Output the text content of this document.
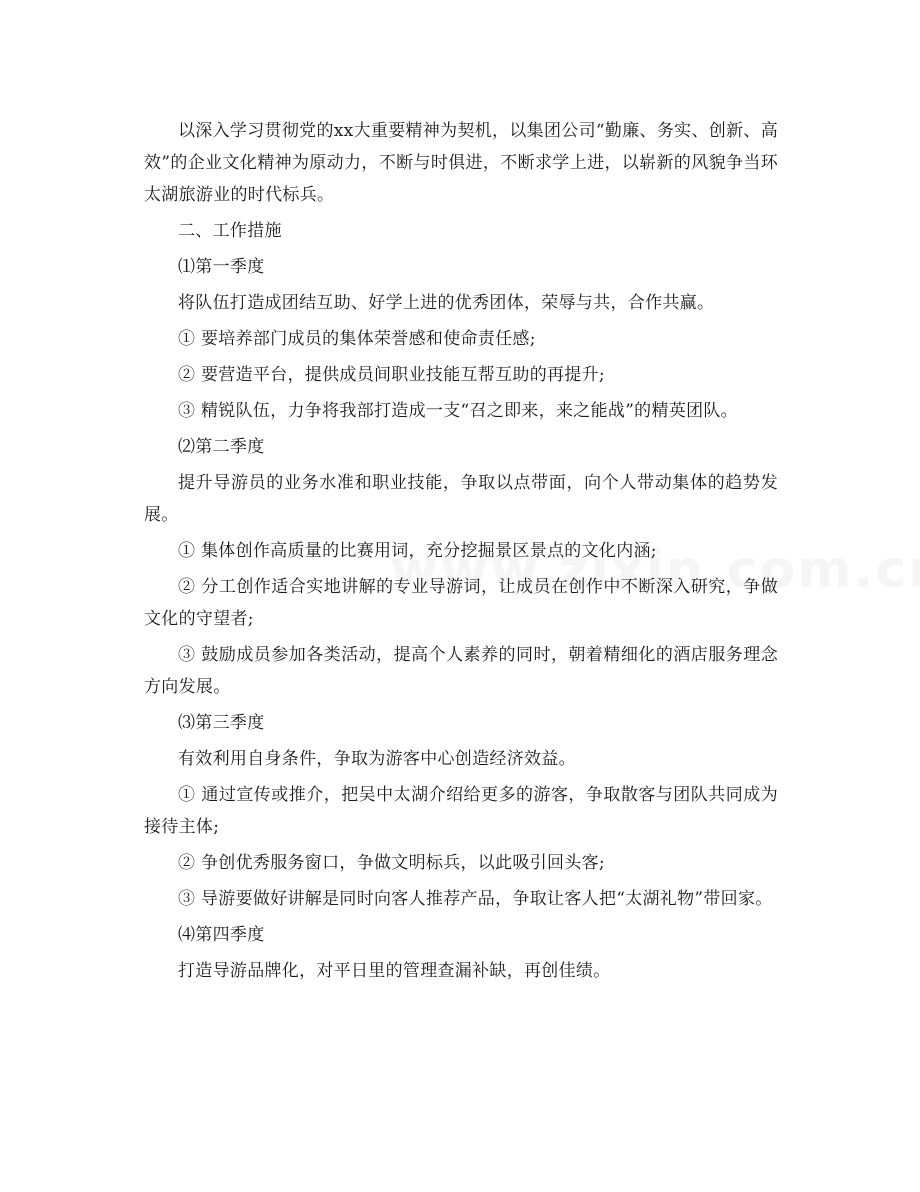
以深入学习贯彻党的xx大重要精神为契机，以集团公司“勤廉、务实、创新、高效”的企业文化精神为原动力，不断与时俱进，不断求学上进，以崭新的风貌争当环太湖旅游业的时代标兵。

二、工作措施

⑴第一季度

将队伍打造成团结互助、好学上进的优秀团体，荣辱与共，合作共赢。

① 要培养部门成员的集体荣誉感和使命责任感;

② 要营造平台，提供成员间职业技能互帮互助的再提升;

③ 精锐队伍，力争将我部打造成一支“召之即来，来之能战”的精英团队。

⑵第二季度

提升导游员的业务水准和职业技能，争取以点带面，向个人带动集体的趋势发展。

① 集体创作高质量的比赛用词，充分挖掘景区景点的文化内涵;

② 分工创作适合实地讲解的专业导游词，让成员在创作中不断深入研究，争做文化的守望者;

③ 鼓励成员参加各类活动，提高个人素养的同时，朝着精细化的酒店服务理念方向发展。

⑶第三季度

有效利用自身条件，争取为游客中心创造经济效益。

① 通过宣传或推介，把吴中太湖介绍给更多的游客，争取散客与团队共同成为接待主体;

② 争创优秀服务窗口，争做文明标兵，以此吸引回头客;

③ 导游要做好讲解是同时向客人推荐产品，争取让客人把“太湖礼物”带回家。

⑷第四季度

打造导游品牌化，对平日里的管理查漏补缺，再创佳绩。
